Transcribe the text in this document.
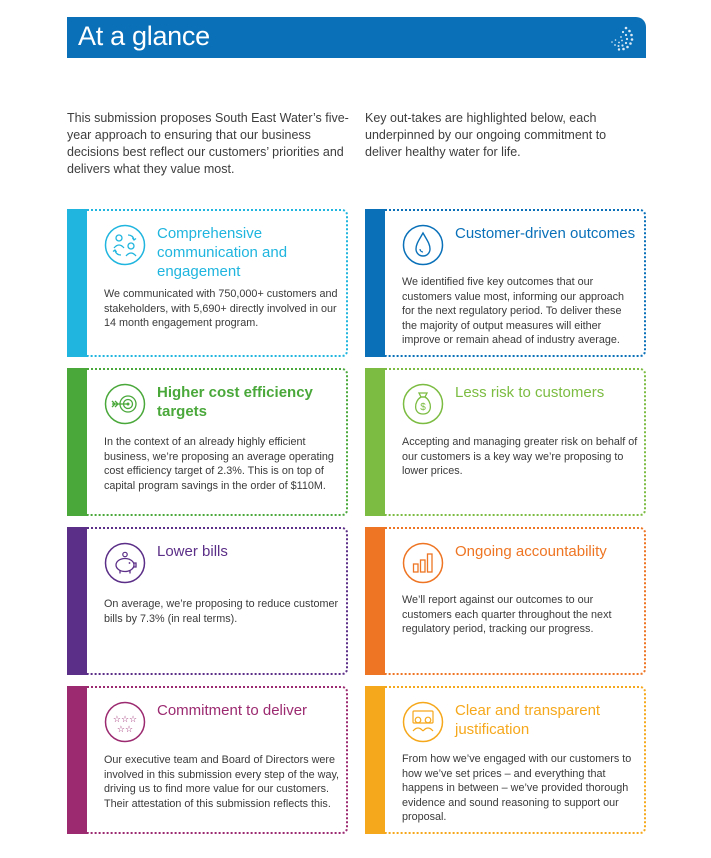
At a glance

This submission proposes South East Water’s five-year approach to ensuring that our business decisions best reflect our customers’ priorities and delivers what they value most.

Key out-takes are highlighted below, each underpinned by our ongoing commitment to deliver healthy water for life.

Comprehensive communication and engagement
We communicated with 750,000+ customers and stakeholders, with 5,690+ directly involved in our 14 month engagement program.
Customer-driven outcomes
We identified five key outcomes that our customers value most, informing our approach for the next regulatory period. To deliver these the majority of output measures will either improve or remain ahead of industry average.
Higher cost efficiency targets
In the context of an already highly efficient business, we’re proposing an average operating cost efficiency target of 2.3%. This is on top of capital program savings in the order of $110M.
$
Less risk to customers
Accepting and managing greater risk on behalf of our customers is a key way we’re proposing to lower prices.
Lower bills
On average, we’re proposing to reduce customer bills by 7.3% (in real terms).
Ongoing accountability
We’ll report against our outcomes to our customers each quarter throughout the next regulatory period, tracking our progress.
☆☆☆
☆☆
Commitment to deliver
Our executive team and Board of Directors were involved in this submission every step of the way, driving us to find more value for our customers. Their attestation of this submission reflects this.
Clear and transparent justification
From how we’ve engaged with our customers to how we’ve set prices – and everything that happens in between – we’ve provided thorough evidence and sound reasoning to support our proposal.
